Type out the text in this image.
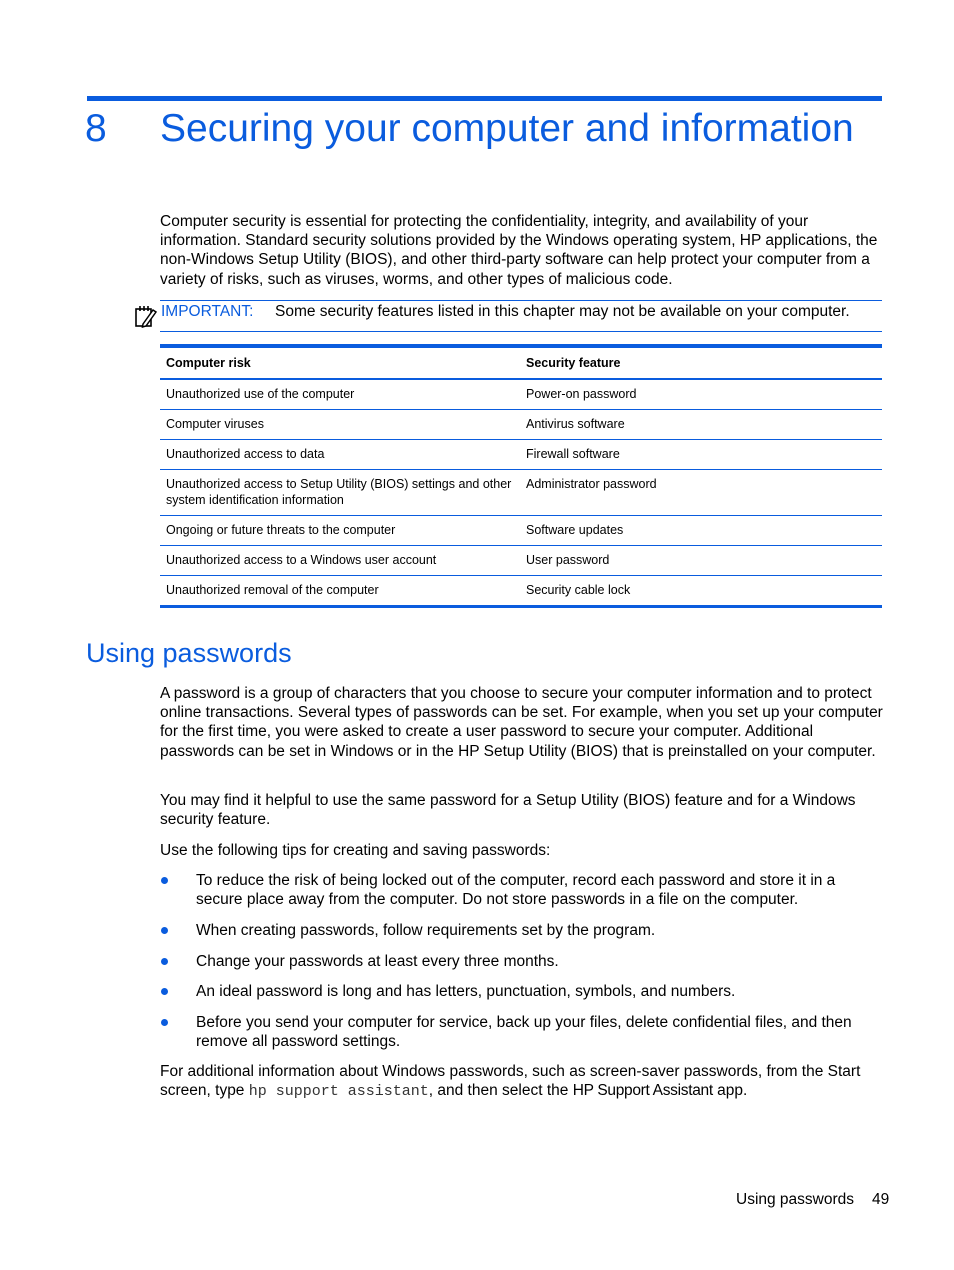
8 Securing your computer and information
Computer security is essential for protecting the confidentiality, integrity, and availability of your information. Standard security solutions provided by the Windows operating system, HP applications, the non-Windows Setup Utility (BIOS), and other third-party software can help protect your computer from a variety of risks, such as viruses, worms, and other types of malicious code.
IMPORTANT: Some security features listed in this chapter may not be available on your computer.
Computer risk	Security feature
Unauthorized use of the computer	Power-on password
Computer viruses	Antivirus software
Unauthorized access to data	Firewall software
Unauthorized access to Setup Utility (BIOS) settings and other system identification information	Administrator password
Ongoing or future threats to the computer	Software updates
Unauthorized access to a Windows user account	User password
Unauthorized removal of the computer	Security cable lock
Using passwords
A password is a group of characters that you choose to secure your computer information and to protect online transactions. Several types of passwords can be set. For example, when you set up your computer for the first time, you were asked to create a user password to secure your computer. Additional passwords can be set in Windows or in the HP Setup Utility (BIOS) that is preinstalled on your computer.
You may find it helpful to use the same password for a Setup Utility (BIOS) feature and for a Windows security feature.
Use the following tips for creating and saving passwords:
To reduce the risk of being locked out of the computer, record each password and store it in a secure place away from the computer. Do not store passwords in a file on the computer.
When creating passwords, follow requirements set by the program.
Change your passwords at least every three months.
An ideal password is long and has letters, punctuation, symbols, and numbers.
Before you send your computer for service, back up your files, delete confidential files, and then remove all password settings.
For additional information about Windows passwords, such as screen-saver passwords, from the Start screen, type hp support assistant, and then select the HP Support Assistant app.
Using passwords 49
